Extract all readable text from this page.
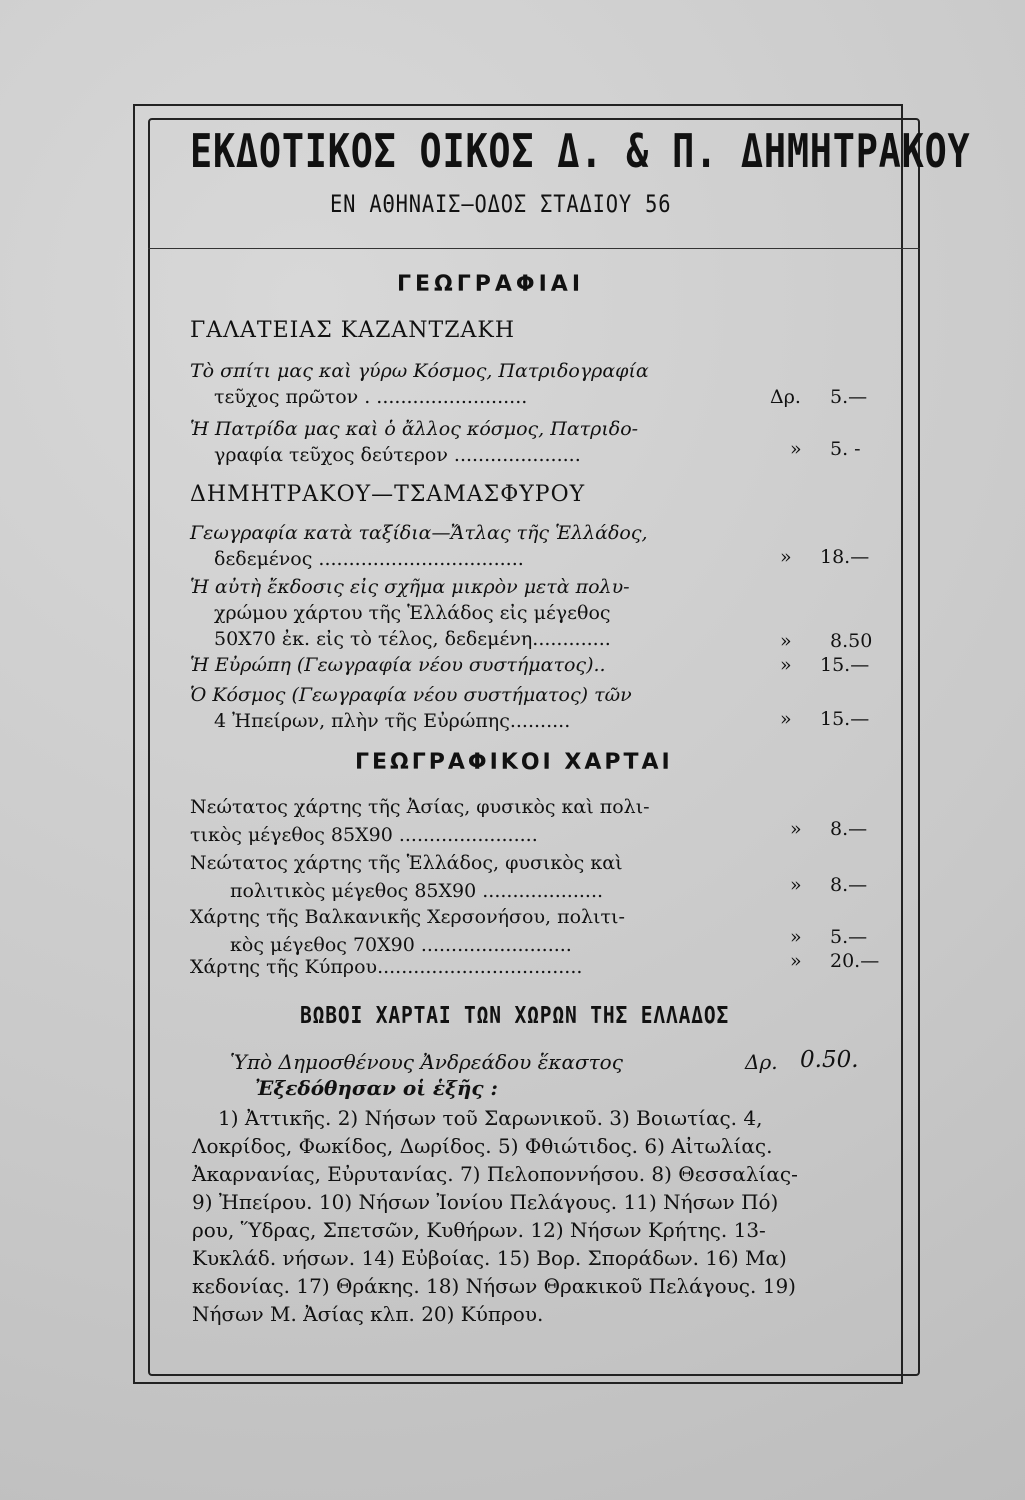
ΕΚΔΟΤΙΚΟΣ ΟΙΚΟΣ Δ. & Π. ΔΗΜΗΤΡΑΚΟΥ
ΕΝ ΑΘΗΝΑΙΣ—ΟΔΟΣ ΣΤΑΔΙΟΥ 56
ΓΕΩΓΡΑΦΙΑΙ
ΓΑΛΑΤΕΙΑΣ ΚΑΖΑΝΤΖΑΚΗ
Τὸ σπίτι μας καὶ γύρω Κόσμος, Πατριδογραφία
τεῦχος πρῶτον . .........................	Δρ. 5.—
Ἡ Πατρίδα μας καὶ ὁ ἄλλος κόσμος, Πατριδο-
γραφία τεῦχος δεύτερον .....................	» 5. -
ΔΗΜΗΤΡΑΚΟΥ—ΤΣΑΜΑΣΦΥΡΟΥ
Γεωγραφία κατὰ ταξίδια—Ἄτλας τῆς Ἑλλάδος,
δεδεμένος ..................................	» 18.—
Ἡ αὐτὴ ἔκδοσις εἰς σχῆμα μικρὸν μετὰ πολυ-
χρώμου χάρτου τῆς Ἑλλάδος εἰς μέγεθος
50Χ70 ἐκ. εἰς τὸ τέλος, δεδεμένη.............	» 8.50
Ἡ Εὐρώπη (Γεωγραφία νέου συστήματος)..	» 15.—
Ὁ Κόσμος (Γεωγραφία νέου συστήματος) τῶν
4 Ἠπείρων, πλὴν τῆς Εὐρώπης..........	» 15.—
ΓΕΩΓΡΑΦΙΚΟΙ ΧΑΡΤΑΙ
Νεώτατος χάρτης τῆς Ἀσίας, φυσικὸς καὶ πολι-
τικὸς μέγεθος 85Χ90 .......................	» 8.—
Νεώτατος χάρτης τῆς Ἑλλάδος, φυσικὸς καὶ
πολιτικὸς μέγεθος 85Χ90 ....................	» 8.—
Χάρτης τῆς Βαλκανικῆς Χερσονήσου, πολιτι-
κὸς μέγεθος 70Χ90 .........................	» 5.—
Χάρτης τῆς Κύπρου..................................	» 20.—
ΒΩΒΟΙ ΧΑΡΤΑΙ ΤΩΝ ΧΩΡΩΝ ΤΗΣ ΕΛΛΑΔΟΣ
Ὑπὸ Δημοσθένους Ἀνδρεάδου ἕκαστος	Δρ. 0.50.
Ἐξεδόθησαν οἱ ἑξῆς :
1) Ἀττικῆς. 2) Νήσων τοῦ Σαρωνικοῦ. 3) Βοιωτίας. 4,
Λοκρίδος, Φωκίδος, Δωρίδος. 5) Φθιώτιδος. 6) Αἰτωλίας.
Ἀκαρνανίας, Εὐρυτανίας. 7) Πελοποννήσου. 8) Θεσσαλίας-
9) Ἠπείρου. 10) Νήσων Ἰονίου Πελάγους. 11) Νήσων Πό)
ρου, Ὕδρας, Σπετσῶν, Κυθήρων. 12) Νήσων Κρήτης. 13-
Κυκλάδ. νήσων. 14) Εὐβοίας. 15) Βορ. Σποράδων. 16) Μα)
κεδονίας. 17) Θράκης. 18) Νήσων Θρακικοῦ Πελάγους. 19)
Νήσων Μ. Ἀσίας κλπ. 20) Κύπρου.
